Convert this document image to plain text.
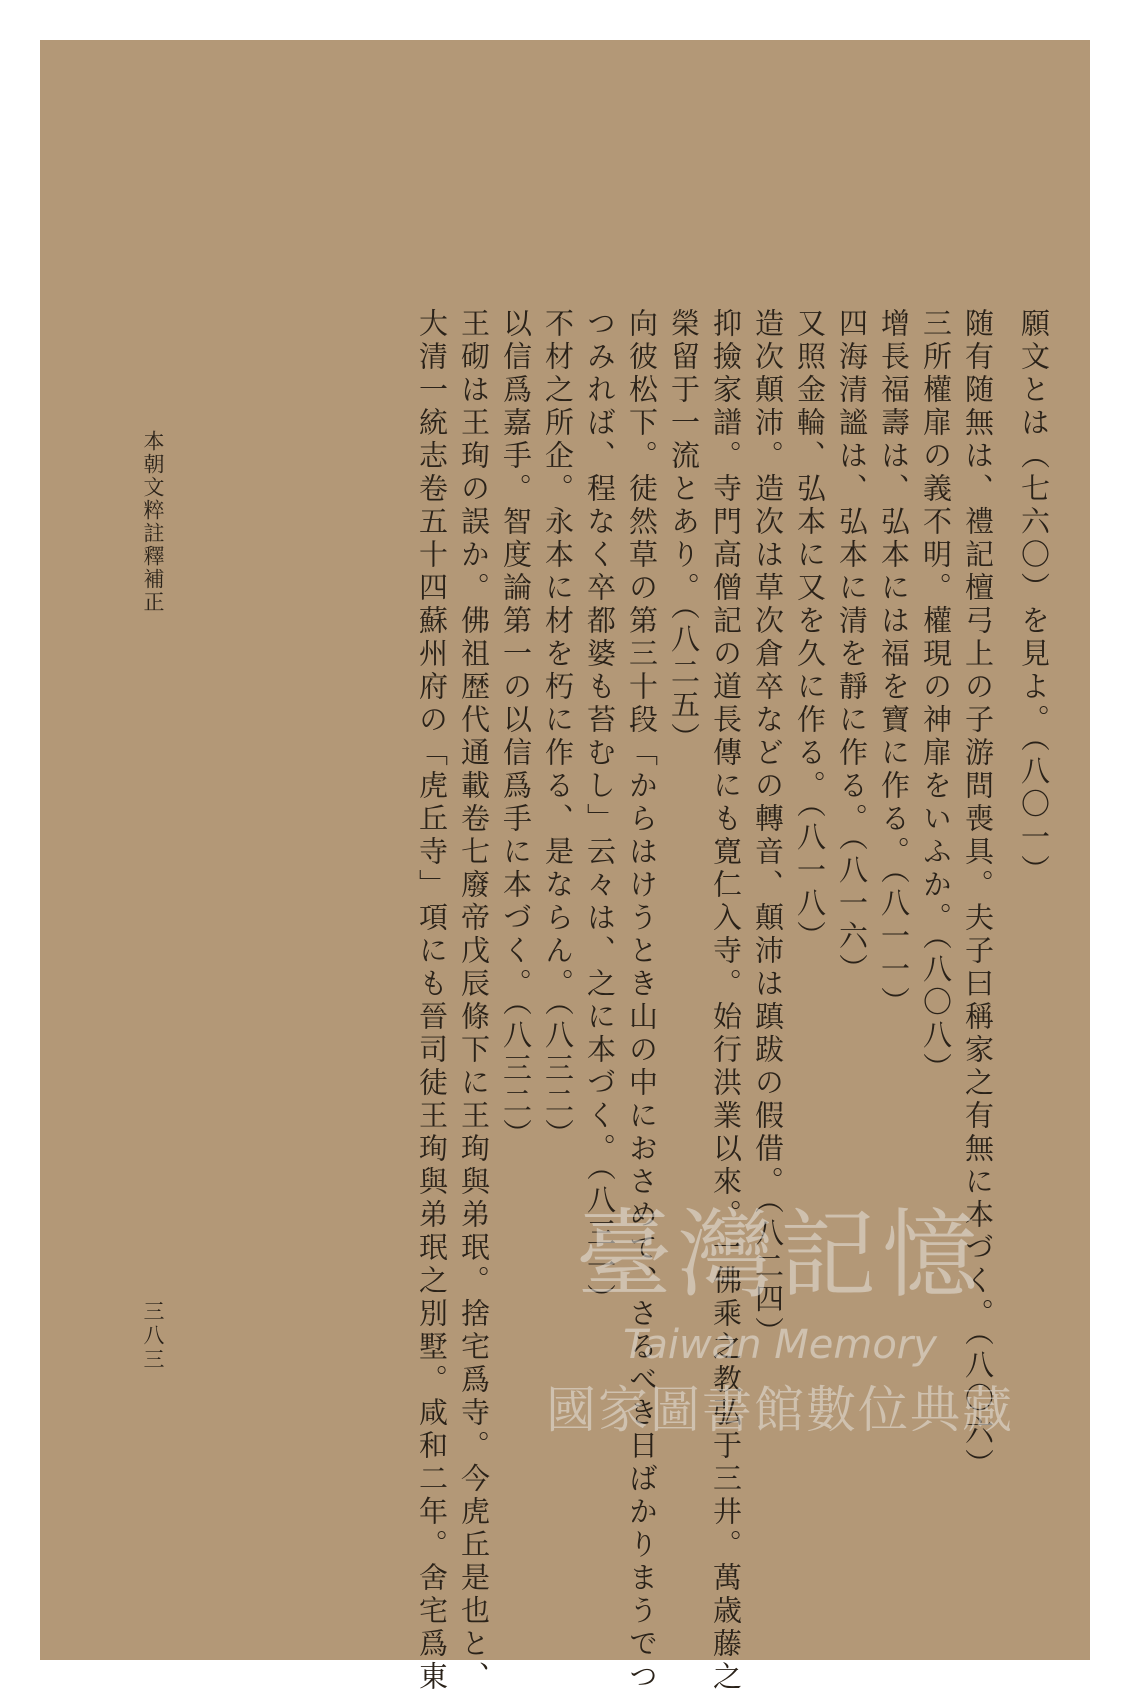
願文とは（七六〇）を見よ。（八〇一）
随有随無は、禮記檀弓上の子游問喪具。夫子曰稱家之有無に本づく。（八〇六）
三所權扉の義不明。權現の神扉をいふか。（八〇八）
增長福壽は、弘本には福を寶に作る。（八一一）
四海清謐は、弘本に清を靜に作る。（八一六）
又照金輪、弘本に又を久に作る。（八一八）
造次顛沛。造次は草次倉卒などの轉音、顛沛は蹎跋の假借。（八二四）
抑撿家譜。寺門高僧記の道長傳にも寛仁入寺。始行洪業以來。一佛乘之教弘于三井。萬歳藤之
榮留于一流とあり。（八二五）
向彼松下。徒然草の第三十段「からはけうとき山の中におさめて、さるべき日ばかりまうでつ
つみれば、程なく卒都婆も苔むし」云々は、之に本づく。（八三一）
不材之所企。永本に材を朽に作る、是ならん。（八三二）
以信爲嘉手。智度論第一の以信爲手に本づく。（八三二）
王砌は王珣の誤か。佛祖歴代通載卷七廢帝戊辰條下に王珣與弟珉。捨宅爲寺。今虎丘是也と、
大清一統志卷五十四蘇州府の「虎丘寺」項にも晉司徒王珣與弟珉之別墅。咸和二年。舍宅爲東
本朝文粹註釋補正
三八三
臺灣記憶
Taiwan Memory
國家圖書館數位典藏
